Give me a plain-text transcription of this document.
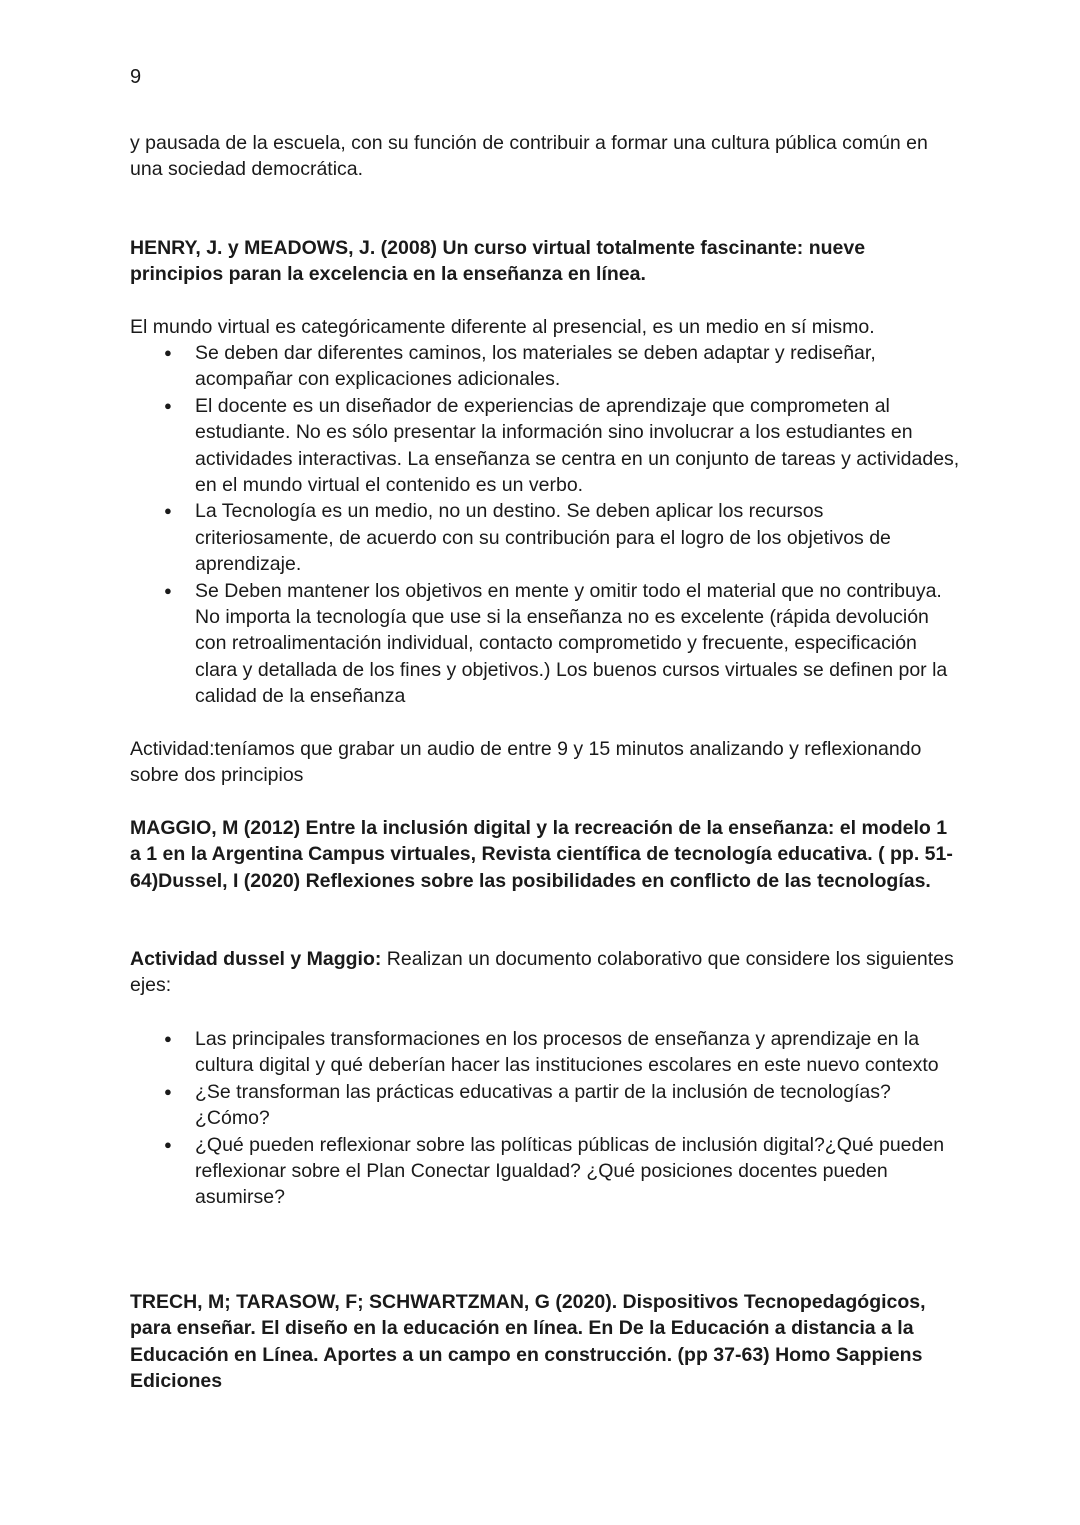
9

y pausada de la escuela, con su función de contribuir a formar una cultura pública común en una sociedad democrática.

HENRY, J. y MEADOWS, J. (2008) Un curso virtual totalmente fascinante: nueve principios paran la excelencia en la enseñanza en línea.

El mundo virtual es categóricamente diferente al presencial, es un medio en sí mismo.

● Se deben dar diferentes caminos, los materiales se deben adaptar y rediseñar, acompañar con explicaciones adicionales.
● El docente es un diseñador de experiencias de aprendizaje que comprometen al estudiante. No es sólo presentar la información sino involucrar a los estudiantes en actividades interactivas. La enseñanza se centra en un conjunto de tareas y actividades, en el mundo virtual el contenido es un verbo.
● La Tecnología es un medio, no un destino. Se deben aplicar los recursos criteriosamente, de acuerdo con su contribución para el logro de los objetivos de aprendizaje.
● Se Deben mantener los objetivos en mente y omitir todo el material que no contribuya. No importa la tecnología que use si la enseñanza no es excelente (rápida devolución con retroalimentación individual, contacto comprometido y frecuente, especificación clara y detallada de los fines y objetivos.) Los buenos cursos virtuales se definen por la calidad de la enseñanza

Actividad:teníamos que grabar un audio de entre 9 y 15 minutos analizando y reflexionando sobre dos principios

MAGGIO, M (2012) Entre la inclusión digital y la recreación de la enseñanza: el modelo 1 a 1 en la Argentina Campus virtuales, Revista científica de tecnología educativa. ( pp. 51-64)Dussel, I (2020) Reflexiones sobre las posibilidades en conflicto de las tecnologías.

Actividad dussel y Maggio: Realizan un documento colaborativo que considere los siguientes ejes:

● Las principales transformaciones en los procesos de enseñanza y aprendizaje en la cultura digital y qué deberían hacer las instituciones escolares en este nuevo contexto
● ¿Se transforman las prácticas educativas a partir de la inclusión de tecnologías?¿Cómo?
● ¿Qué pueden reflexionar sobre las políticas públicas de inclusión digital?¿Qué pueden reflexionar sobre el Plan Conectar Igualdad? ¿Qué posiciones docentes pueden asumirse?

TRECH, M; TARASOW, F; SCHWARTZMAN, G (2020). Dispositivos Tecnopedagógicos, para enseñar. El diseño en la educación en línea. En De la Educación a distancia a la Educación en Línea. Aportes a un campo en construcción. (pp 37-63) Homo Sappiens Ediciones
